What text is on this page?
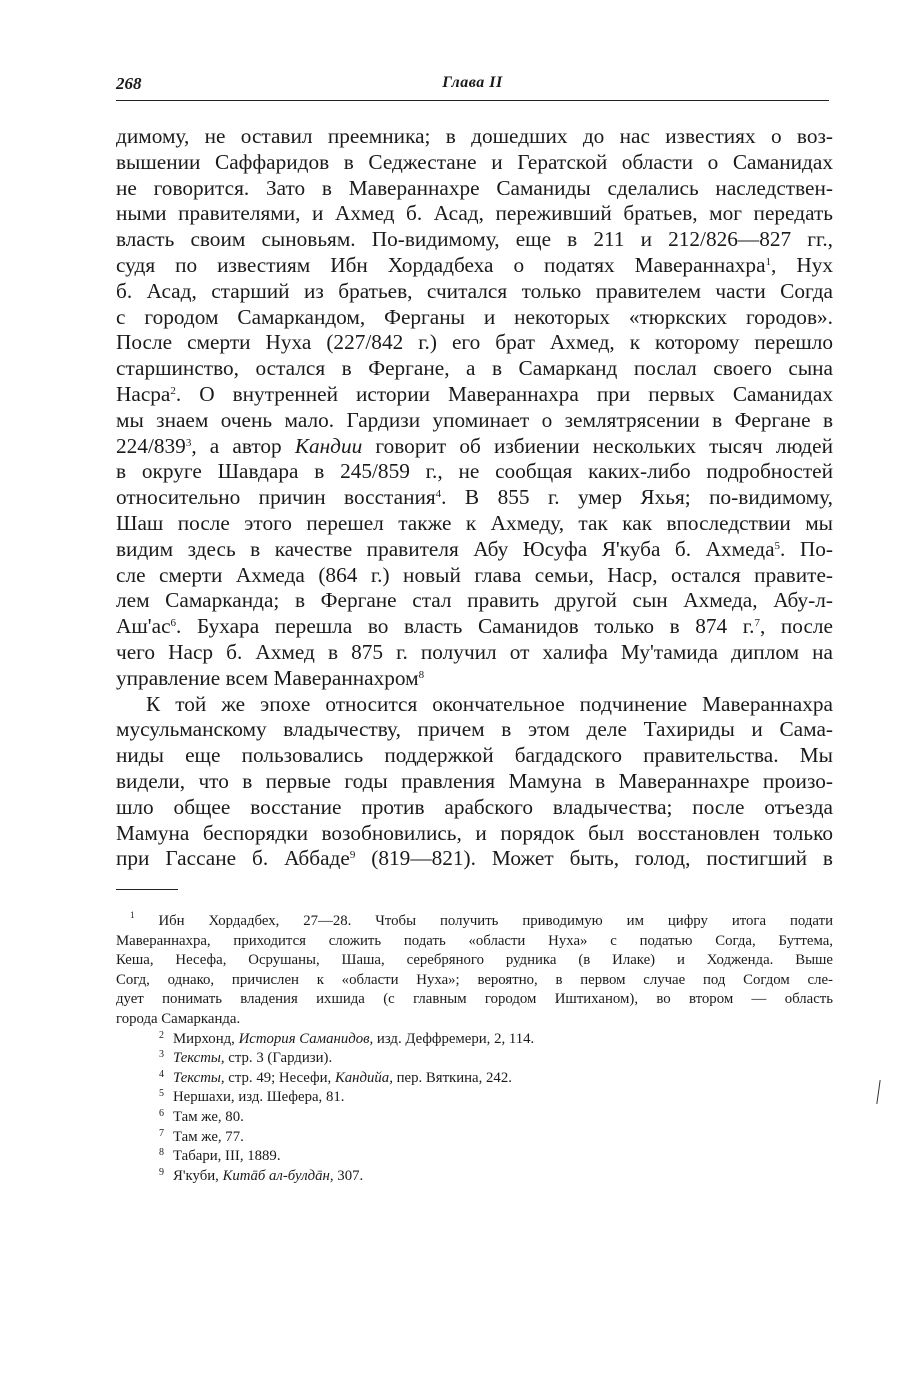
268	Глава II
димому, не оставил преемника; в дошедших до нас известиях о воз-
вышении Саффаридов в Седжестане и Гератской области о Саманидах
не говорится. Зато в Мавераннахре Саманиды сделались наследствен-
ными правителями, и Ахмед б. Асад, переживший братьев, мог передать
власть своим сыновьям. По-видимому, еще в 211 и 212/826—827 гг.,
судя по известиям Ибн Хордадбеха о податях Мавераннахра$^1$, Нух
б. Асад, старший из братьев, считался только правителем части Согда
с городом Самаркандом, Ферганы и некоторых «тюркских городов».
После смерти Нуха (227/842 г.) его брат Ахмед, к которому перешло
старшинство, остался в Фергане, а в Самарканд послал своего сына
Насра$^2$. О внутренней истории Мавераннахра при первых Саманидах
мы знаем очень мало. Гардизи упоминает о землятрясении в Фергане в
$224/839^3$, а автор Кандии говорит об избиении нескольких тысяч людей
в округе Шавдара в 245/859 г., не сообщая каких-либо подробностей
относительно причин восстания$^4$. В 855 г. умер Яхья; по-видимому,
Шаш после этого перешел также к Ахмеду, так как впоследствии мы
видим здесь в качестве правителя Абу Юсуфа Я'куба б. Ахмеда$^5$. По-
сле смерти Ахмеда (864 г.) новый глава семьи, Наср, остался правите-
лем Самарканда; в Фергане стал править другой сын Ахмеда, Абу-л-
$Аш'ас^6$. Бухара перешла во власть Саманидов только в 874 г.$^7$, после
чего Наср б. Ахмед в 875 г. получил от халифа Му'тамида диплом на
управление всем Мавераннахром$^8$
К той же эпохе относится окончательное подчинение Мавераннахра
мусульманскому владычеству, причем в этом деле Тахириды и Сама-
ниды еще пользовались поддержкой багдадского правительства. Мы
видели, что в первые годы правления Мамуна в Мавераннахре произо-
шло общее восстание против арабского владычества; после отъезда
Мамуна беспорядки возобновились, и порядок был восстановлен только
при Гассане б. Аббаде$^9$ (819—821). Может быть, голод, постигший в
$^1$ Ибн Хордадбех, 27—28. Чтобы получить приводимую им цифру итога подати
Мавераннахра, приходится сложить подать «области Нуха» с податью Согда, Буттема,
Кеша, Несефа, Осрушаны, Шаша, серебряного рудника (в Илаке) и Ходженда. Выше
Согд, однако, причислен к «области Нуха»; вероятно, в первом случае под Согдом сле-
дует понимать владения ихшида (с главным городом Иштиханом), во втором — область
города Самарканда.
2 Мирхонд, История Саманидов, изд. Деффремери, 2, 114.
3 Тексты, стр. 3 (Гардизи).
4 Тексты, стр. 49; Несефи, Кандийа, пер. Вяткина, 242.
5 Нершахи, изд. Шефера, 81.
6 Там же, 80.
7 Там же, 77.
8 Табари, III, 1889.
9 Я'куби, Китāб ал-булдāн, 307.
